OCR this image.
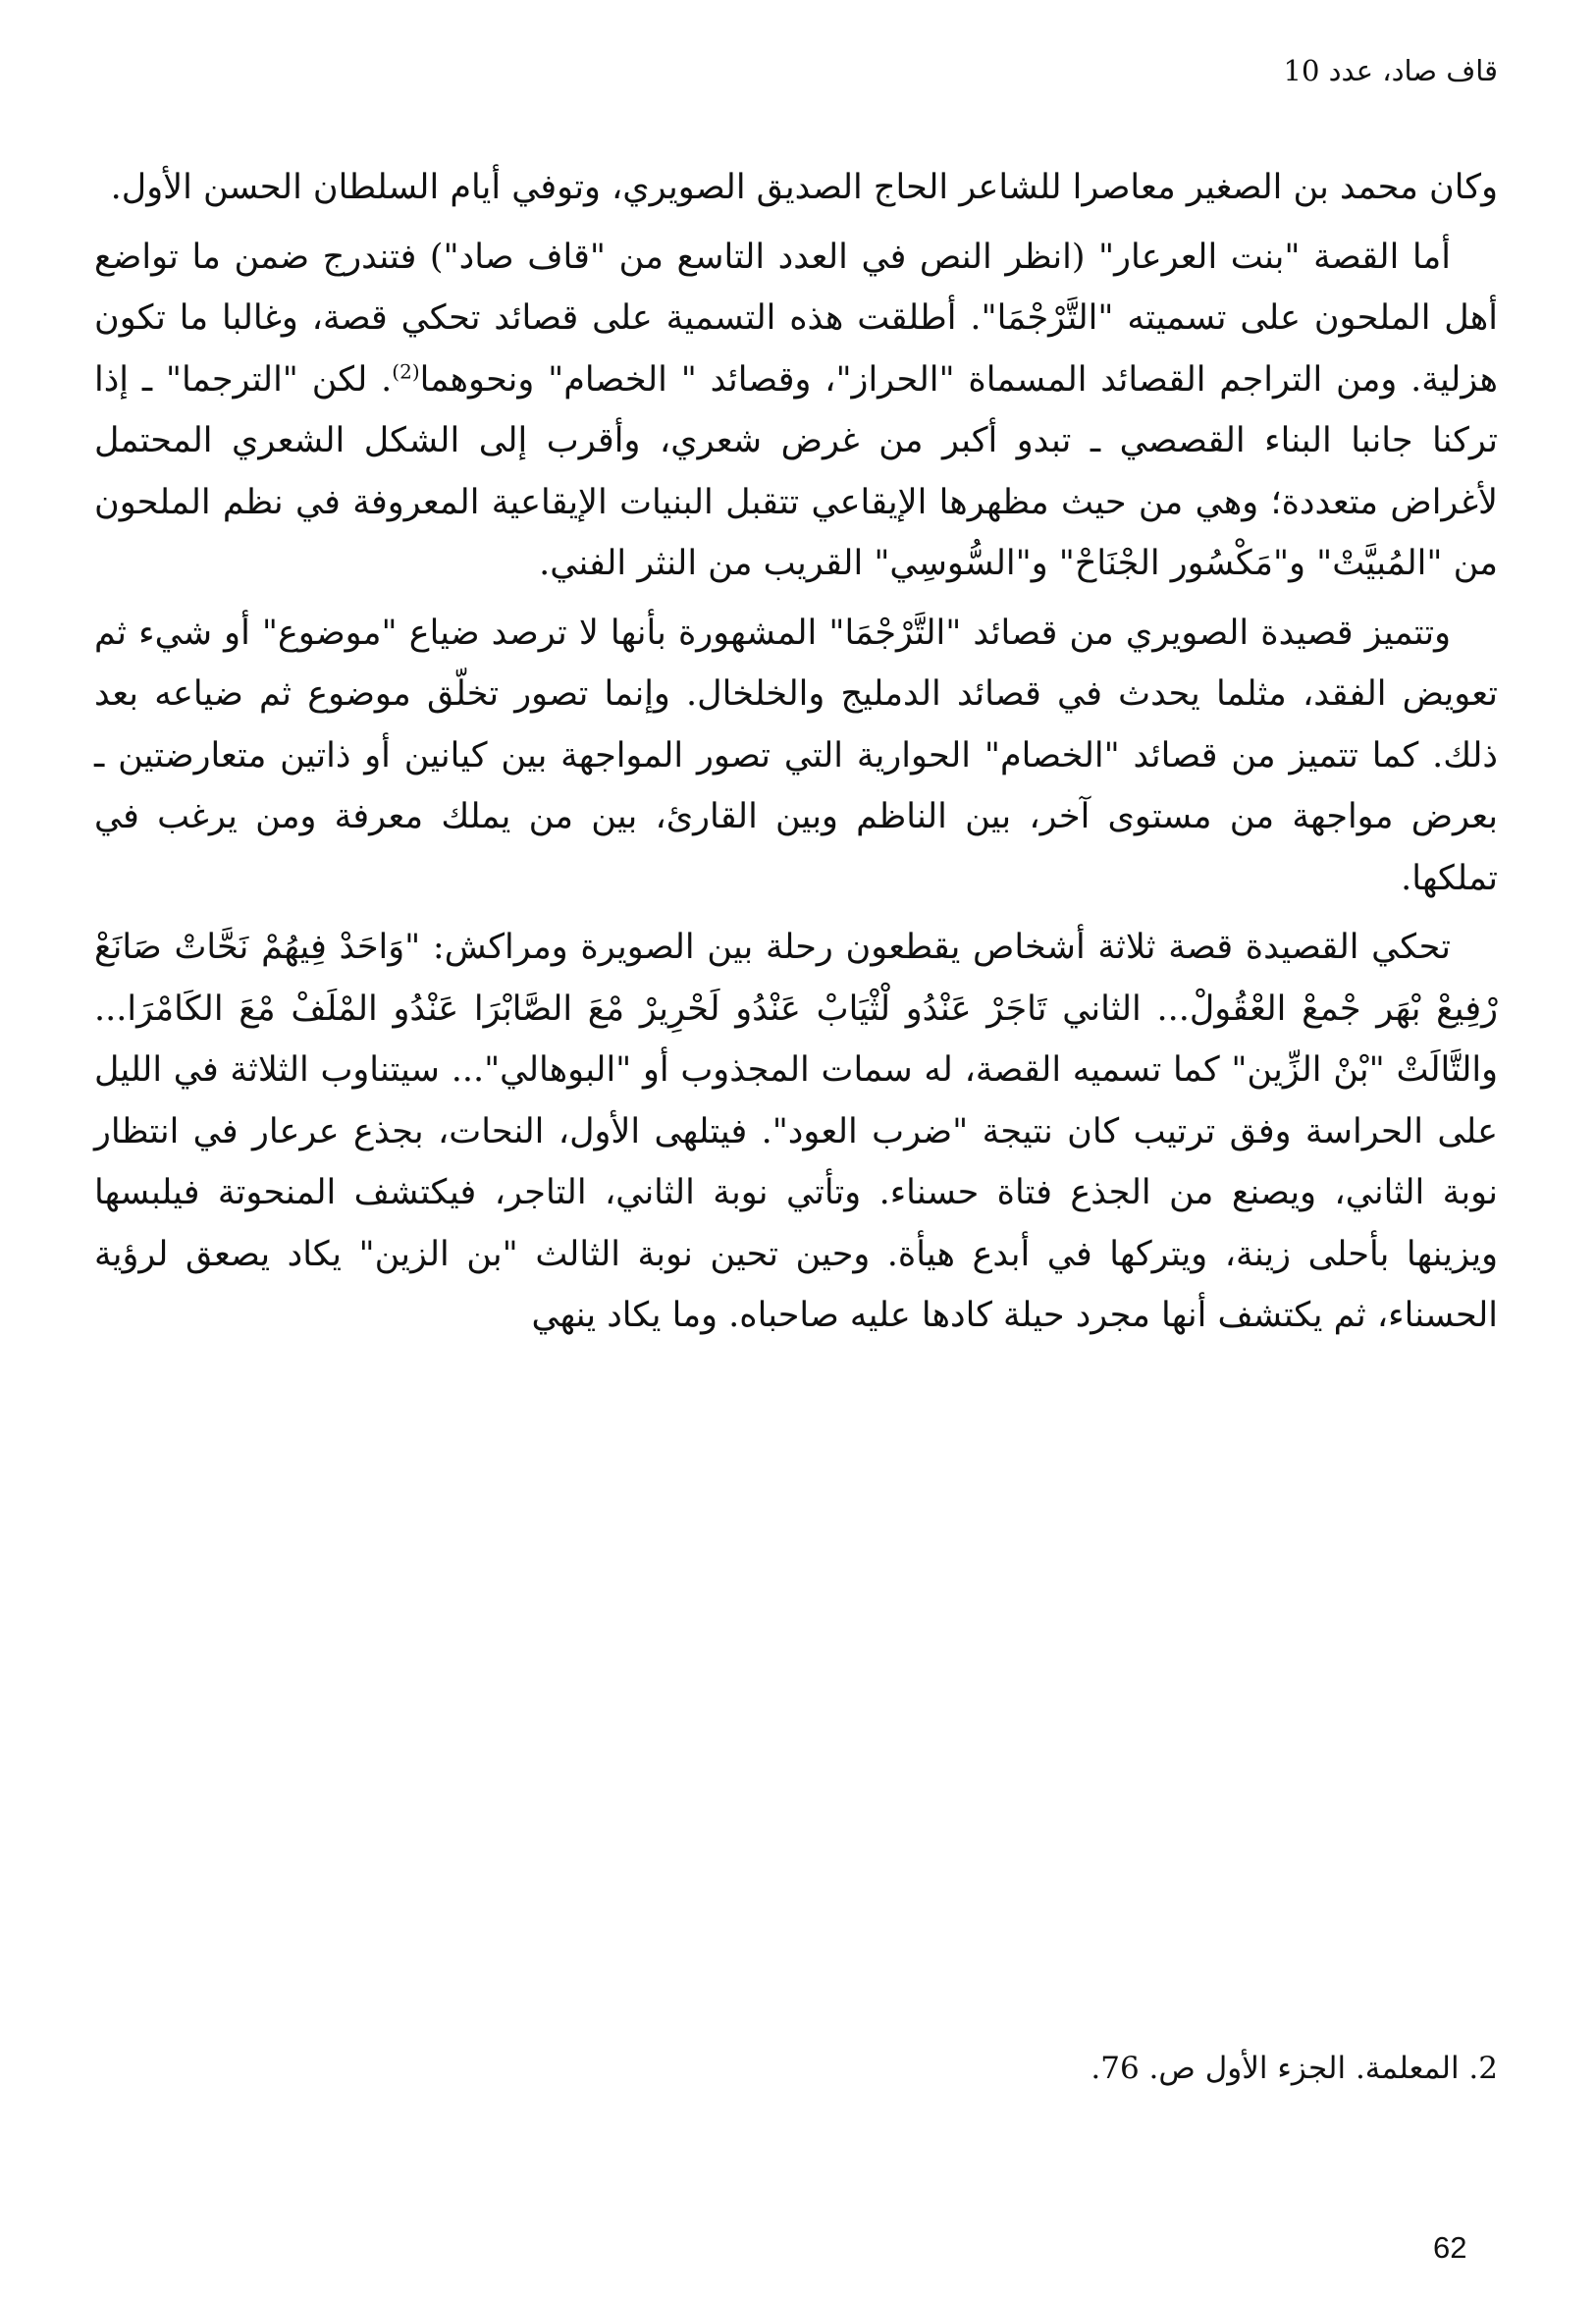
قاف صاد، عدد 10

وكان محمد بن الصغير معاصرا للشاعر الحاج الصديق الصويري، وتوفي أيام السلطان الحسن الأول.

أما القصة "بنت العرعار" (انظر النص في العدد التاسع من "قاف صاد") فتندرج ضمن ما تواضع أهل الملحون على تسميته "التَّرْجْمَا". أطلقت هذه التسمية على قصائد تحكي قصة، وغالبا ما تكون هزلية. ومن التراجم القصائد المسماة "الحراز"، وقصائد " الخصام" ونحوهما$^{(2)}$. لكن "الترجما" ـ إذا تركنا جانبا البناء القصصي ـ تبدو أكبر من غرض شعري، وأقرب إلى الشكل الشعري المحتمل لأغراض متعددة؛ وهي من حيث مظهرها الإيقاعي تتقبل البنيات الإيقاعية المعروفة في نظم الملحون من "المُبيَّتْ" و"مَكْسُور الجْنَاحْ" و"السُّوسِي" القريب من النثر الفني.

وتتميز قصيدة الصويري من قصائد "التَّرْجْمَا" المشهورة بأنها لا ترصد ضياع "موضوع" أو شيء ثم تعويض الفقد، مثلما يحدث في قصائد الدمليج والخلخال. وإنما تصور تخلّق موضوع ثم ضياعه بعد ذلك. كما تتميز من قصائد "الخصام" الحوارية التي تصور المواجهة بين كيانين أو ذاتين متعارضتين ـ بعرض مواجهة من مستوى آخر، بين الناظم وبين القارئ، بين من يملك معرفة ومن يرغب في تملكها.

تحكي القصيدة قصة ثلاثة أشخاص يقطعون رحلة بين الصويرة ومراكش: "وَاحَدْ فِيهُمْ نَحَّاتْ صَانَعْ رْفِيعْ بْهَر جْمعْ العْقُولْ... الثاني تَاجَرْ عَنْدُو لْثْيَابْ عَنْدُو لَحْرِيرْ مْعَ الصَّابْرَا عَنْدُو المْلَفْ مْعَ الكَامْرَا... والتَّالَتْ "بْنْ الزِّين" كما تسميه القصة، له سمات المجذوب أو "البوهالي"... سيتناوب الثلاثة في الليل على الحراسة وفق ترتيب كان نتيجة "ضرب العود". فيتلهى الأول، النحات، بجذع عرعار في انتظار نوبة الثاني، ويصنع من الجذع فتاة حسناء. وتأتي نوبة الثاني، التاجر، فيكتشف المنحوتة فيلبسها ويزينها بأحلى زينة، ويتركها في أبدع هيأة. وحين تحين نوبة الثالث "بن الزين" يكاد يصعق لرؤية الحسناء، ثم يكتشف أنها مجرد حيلة كادها عليه صاحباه. وما يكاد ينهي

2. المعلمة. الجزء الأول ص. 76.
62
